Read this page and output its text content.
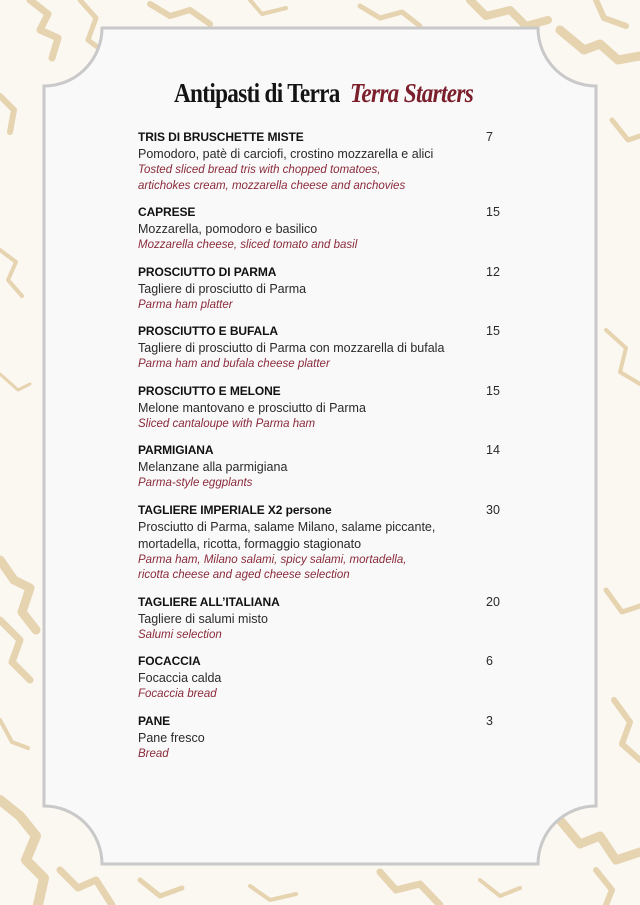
Antipasti di Terra Terra Starters
TRIS DI BRUSCHETTE MISTE	7
Pomodoro, patè di carciofi, crostino mozzarella e alici
Tosted sliced bread tris with chopped tomatoes,
artichokes cream, mozzarella cheese and anchovies
CAPRESE	15
Mozzarella, pomodoro e basilico
Mozzarella cheese, sliced tomato and basil
PROSCIUTTO DI PARMA	12
Tagliere di prosciutto di Parma
Parma ham platter
PROSCIUTTO E BUFALA	15
Tagliere di prosciutto di Parma con mozzarella di bufala
Parma ham and bufala cheese platter
PROSCIUTTO E MELONE	15
Melone mantovano e prosciutto di Parma
Sliced cantaloupe with Parma ham
PARMIGIANA	14
Melanzane alla parmigiana
Parma-style eggplants
TAGLIERE IMPERIALE X2 persone	30
Prosciutto di Parma, salame Milano, salame piccante,
mortadella, ricotta, formaggio stagionato
Parma ham, Milano salami, spicy salami, mortadella,
ricotta cheese and aged cheese selection
TAGLIERE ALL’ITALIANA	20
Tagliere di salumi misto
Salumi selection
FOCACCIA	6
Focaccia calda
Focaccia bread
PANE	3
Pane fresco
Bread
